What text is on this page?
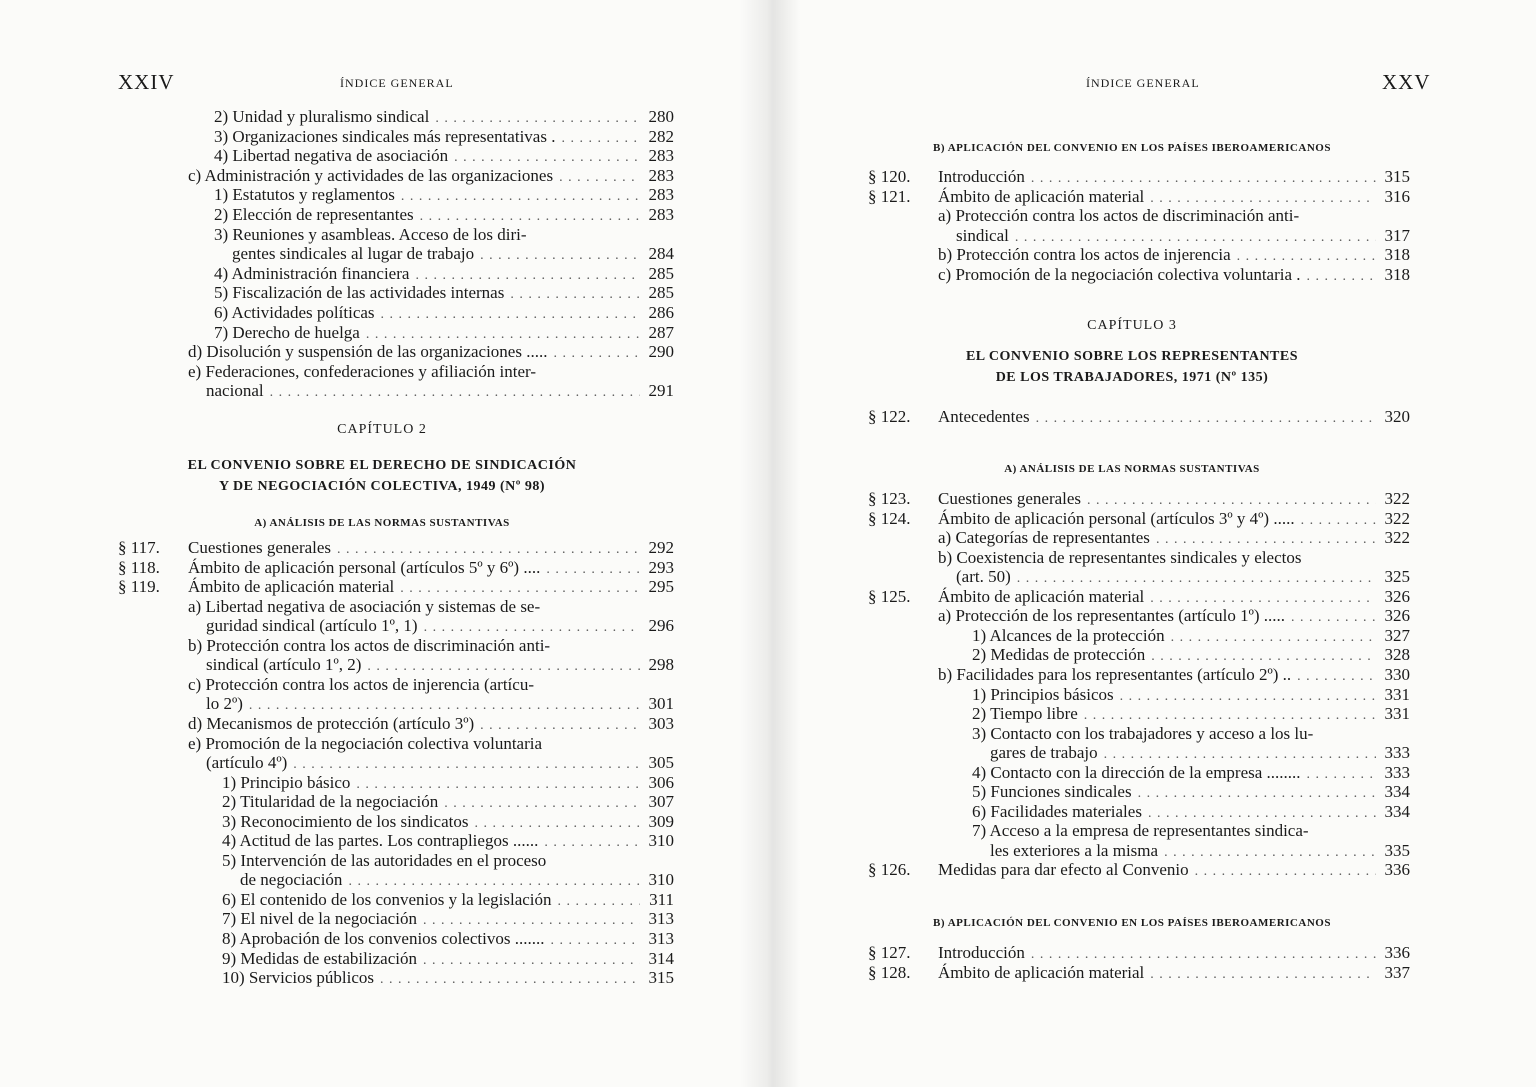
XXIV	ÍNDICE GENERAL
2) Unidad y pluralismo sindical . . .	280
3) Organizaciones sindicales más representativas . . . .	282
4) Libertad negativa de asociación . . .	283
c) Administración y actividades de las organizaciones . . .	283
1) Estatutos y reglamentos . . .	283
2) Elección de representantes . . .	283
3) Reuniones y asambleas. Acceso de los diri-
gentes sindicales al lugar de trabajo . . .	284
4) Administración financiera . . .	285
5) Fiscalización de las actividades internas . . .	285
6) Actividades políticas . . .	286
7) Derecho de huelga . . .	287
d) Disolución y suspensión de las organizaciones ..... . . .	290
e) Federaciones, confederaciones y afiliación inter-
nacional . . .	291
CAPÍTULO 2
EL CONVENIO SOBRE EL DERECHO DE SINDICACIÓN
Y DE NEGOCIACIÓN COLECTIVA, 1949 (Nº 98)
A) ANÁLISIS DE LAS NORMAS SUSTANTIVAS
§ 117.	Cuestiones generales . . .	292
§ 118.	Ámbito de aplicación personal (artículos 5º y 6º) .... . . .	293
§ 119.	Ámbito de aplicación material . . .	295
a) Libertad negativa de asociación y sistemas de se-
guridad sindical (artículo 1º, 1) . . .	296
b) Protección contra los actos de discriminación anti-
sindical (artículo 1º, 2) . . .	298
c) Protección contra los actos de injerencia (artícu-
lo 2º) . . .	301
d) Mecanismos de protección (artículo 3º) . . .	303
e) Promoción de la negociación colectiva voluntaria
(artículo 4º) . . .	305
1) Principio básico . . .	306
2) Titularidad de la negociación . . .	307
3) Reconocimiento de los sindicatos . . .	309
4) Actitud de las partes. Los contrapliegos ...... . . .	310
5) Intervención de las autoridades en el proceso
de negociación . . .	310
6) El contenido de los convenios y la legislación . . .	311
7) El nivel de la negociación . . .	313
8) Aprobación de los convenios colectivos ....... . . .	313
9) Medidas de estabilización . . .	314
10) Servicios públicos . . .	315
ÍNDICE GENERAL	XXV
B) APLICACIÓN DEL CONVENIO EN LOS PAÍSES IBEROAMERICANOS
§ 120.	Introducción . . .	315
§ 121.	Ámbito de aplicación material . . .	316
a) Protección contra los actos de discriminación anti-
sindical . . .	317
b) Protección contra los actos de injerencia . . .	318
c) Promoción de la negociación colectiva voluntaria . . . .	318
CAPÍTULO 3
EL CONVENIO SOBRE LOS REPRESENTANTES
DE LOS TRABAJADORES, 1971 (Nº 135)
§ 122.	Antecedentes . . .	320
A) ANÁLISIS DE LAS NORMAS SUSTANTIVAS
§ 123.	Cuestiones generales . . .	322
§ 124.	Ámbito de aplicación personal (artículos 3º y 4º) ..... . . .	322
a) Categorías de representantes . . .	322
b) Coexistencia de representantes sindicales y electos
(art. 50) . . .	325
§ 125.	Ámbito de aplicación material . . .	326
a) Protección de los representantes (artículo 1º) ..... . . .	326
1) Alcances de la protección . . .	327
2) Medidas de protección . . .	328
b) Facilidades para los representantes (artículo 2º) .. . . .	330
1) Principios básicos . . .	331
2) Tiempo libre . . .	331
3) Contacto con los trabajadores y acceso a los lu-
gares de trabajo . . .	333
4) Contacto con la dirección de la empresa ........ . . .	333
5) Funciones sindicales . . .	334
6) Facilidades materiales . . .	334
7) Acceso a la empresa de representantes sindica-
les exteriores a la misma . . .	335
§ 126.	Medidas para dar efecto al Convenio . . .	336
B) APLICACIÓN DEL CONVENIO EN LOS PAÍSES IBEROAMERICANOS
§ 127.	Introducción . . .	336
§ 128.	Ámbito de aplicación material . . .	337
